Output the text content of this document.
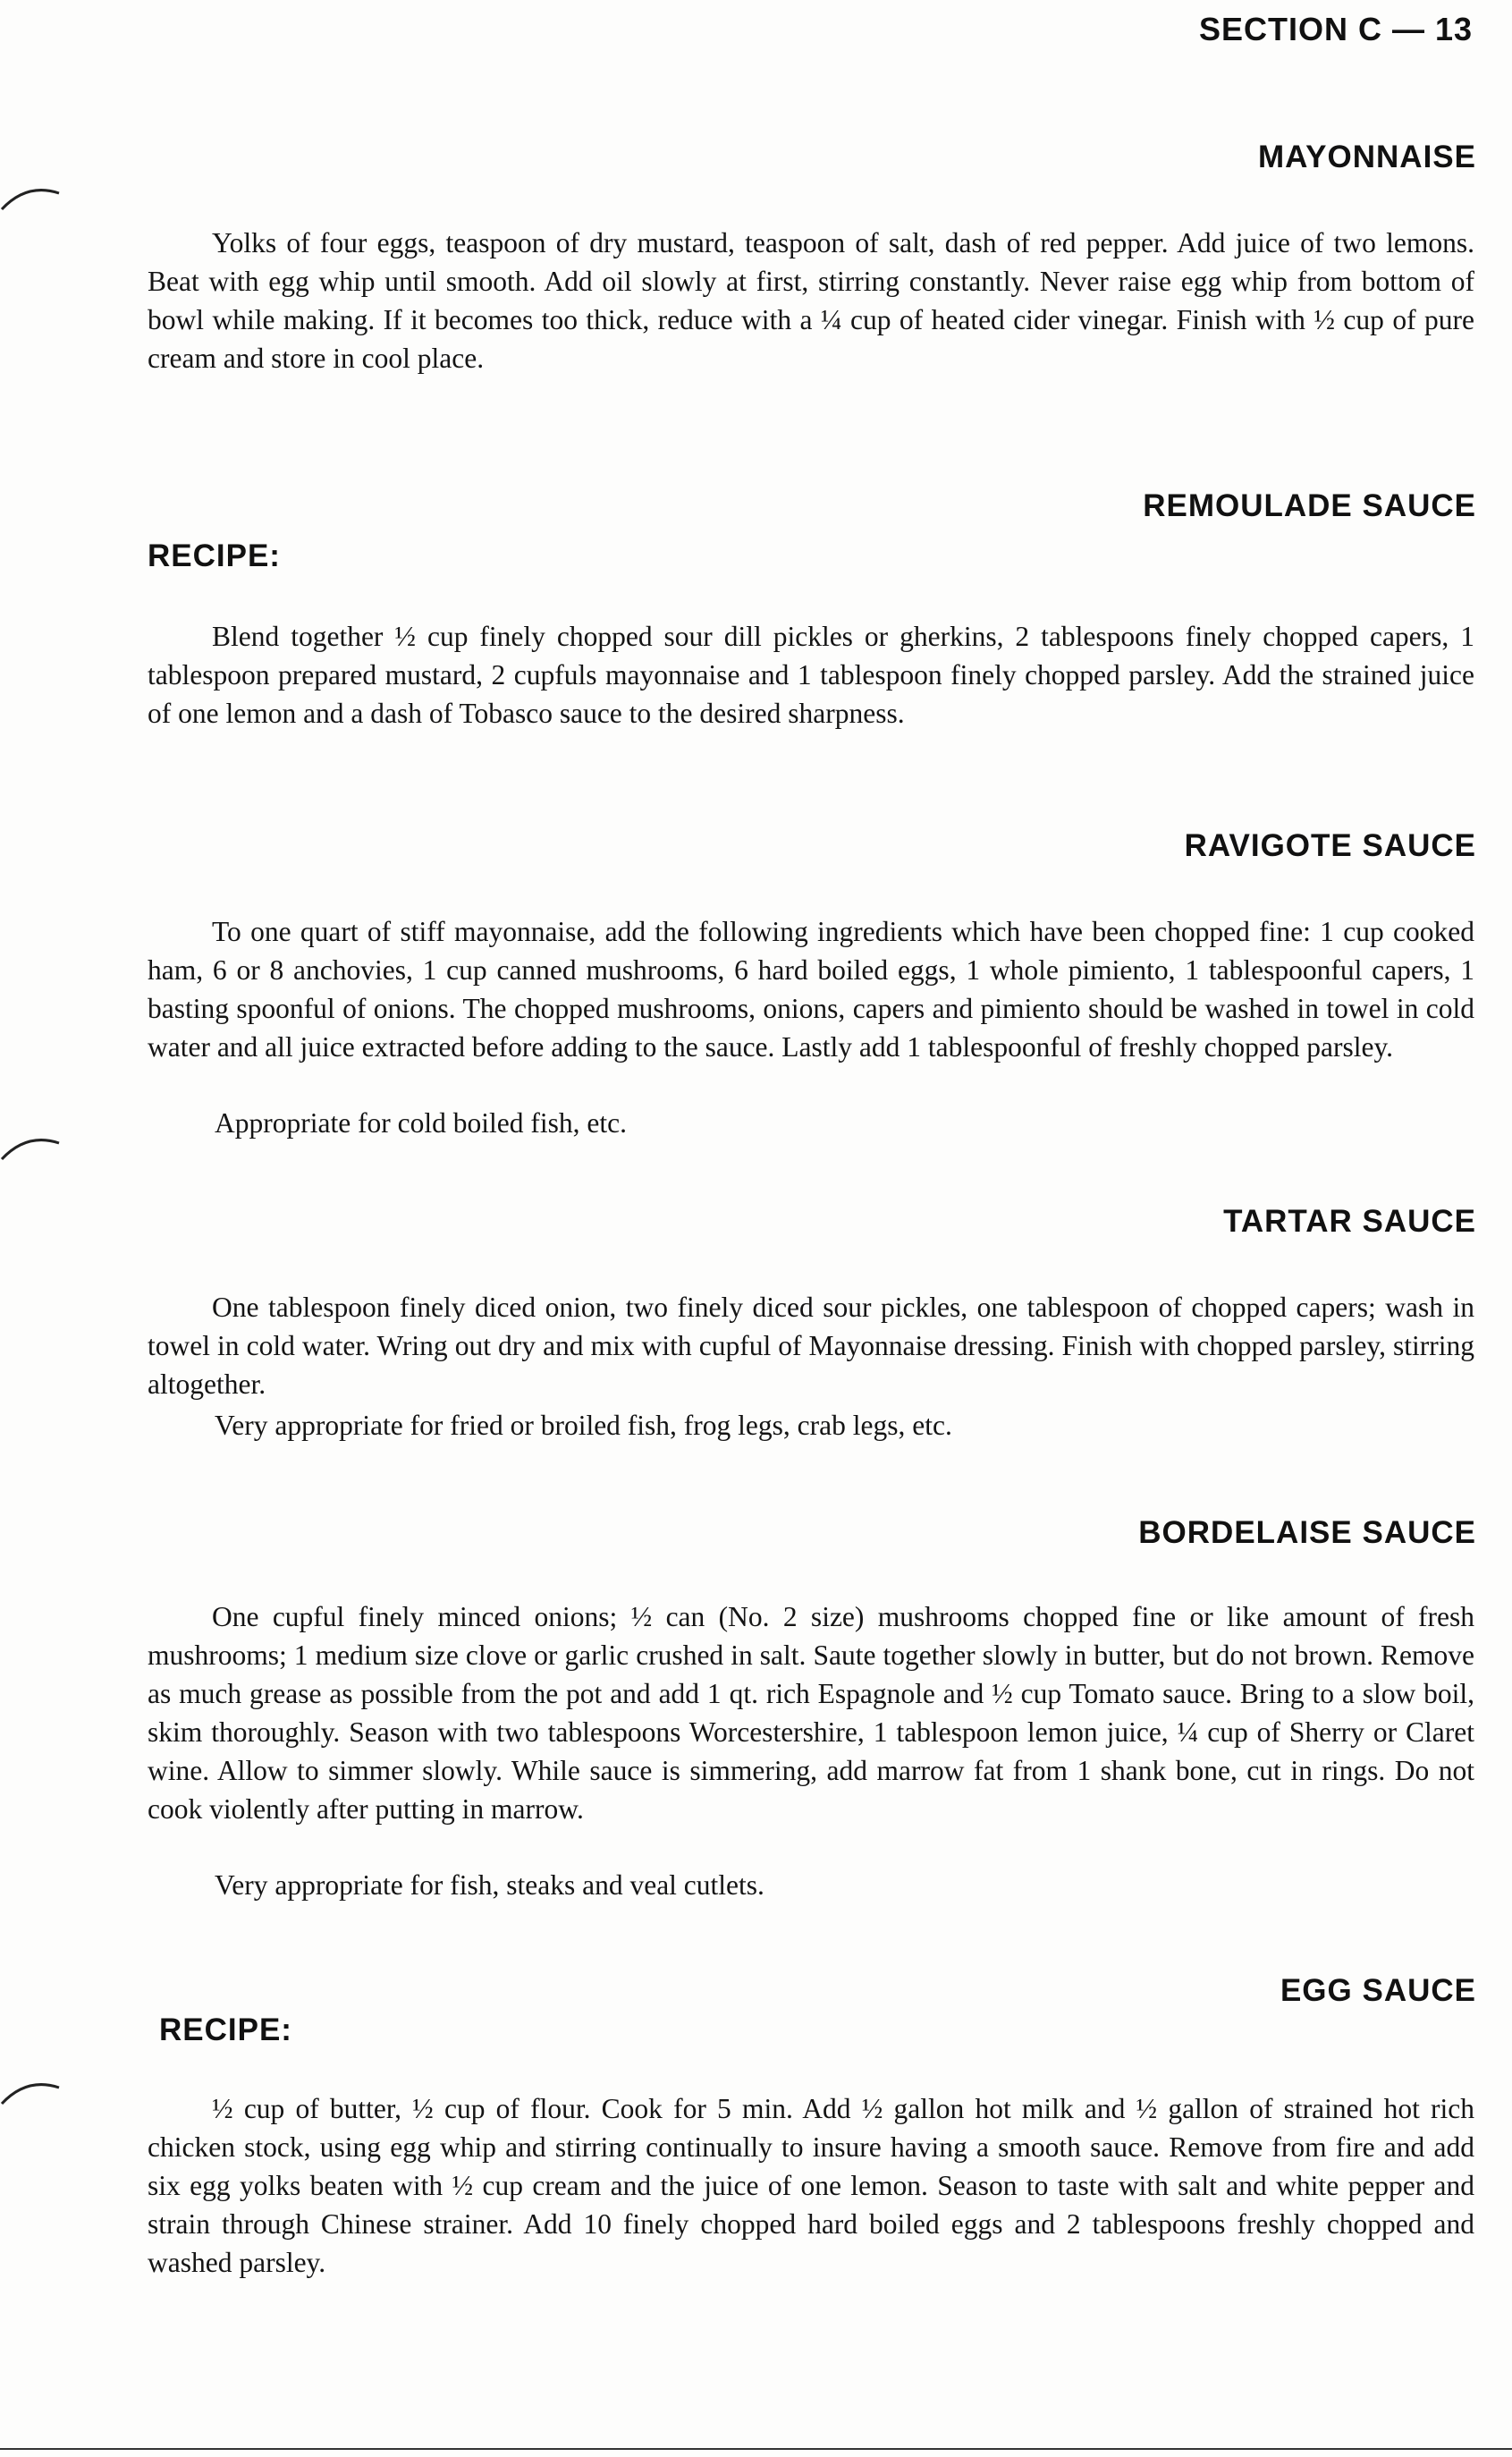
SECTION C — 13
MAYONNAISE

Yolks of four eggs, teaspoon of dry mustard, teaspoon of salt, dash of red pepper. Add juice of two lemons. Beat with egg whip until smooth. Add oil slowly at first, stirring constantly. Never raise egg whip from bottom of bowl while making. If it becomes too thick, reduce with a ¼ cup of heated cider vinegar. Finish with ½ cup of pure cream and store in cool place.

RECIPE:
REMOULADE SAUCE

Blend together ½ cup finely chopped sour dill pickles or gherkins, 2 tablespoons finely chopped capers, 1 tablespoon prepared mustard, 2 cupfuls mayonnaise and 1 tablespoon finely chopped parsley. Add the strained juice of one lemon and a dash of Tobasco sauce to the desired sharpness.

RAVIGOTE SAUCE

To one quart of stiff mayonnaise, add the following ingredients which have been chopped fine: 1 cup cooked ham, 6 or 8 anchovies, 1 cup canned mushrooms, 6 hard boiled eggs, 1 whole pimiento, 1 tablespoonful capers, 1 basting spoonful of onions. The chopped mushrooms, onions, capers and pimiento should be washed in towel in cold water and all juice extracted before adding to the sauce. Lastly add 1 tablespoonful of freshly chopped parsley.

Appropriate for cold boiled fish, etc.

TARTAR SAUCE

One tablespoon finely diced onion, two finely diced sour pickles, one tablespoon of chopped capers; wash in towel in cold water. Wring out dry and mix with cupful of Mayonnaise dressing. Finish with chopped parsley, stirring altogether.

Very appropriate for fried or broiled fish, frog legs, crab legs, etc.

BORDELAISE SAUCE

One cupful finely minced onions; ½ can (No. 2 size) mushrooms chopped fine or like amount of fresh mushrooms; 1 medium size clove or garlic crushed in salt. Saute together slowly in butter, but do not brown. Remove as much grease as possible from the pot and add 1 qt. rich Espagnole and ½ cup Tomato sauce. Bring to a slow boil, skim thoroughly. Season with two tablespoons Worcestershire, 1 tablespoon lemon juice, ¼ cup of Sherry or Claret wine. Allow to simmer slowly. While sauce is simmering, add marrow fat from 1 shank bone, cut in rings. Do not cook violently after putting in marrow.

Very appropriate for fish, steaks and veal cutlets.

EGG SAUCE
RECIPE:

½ cup of butter, ½ cup of flour. Cook for 5 min. Add ½ gallon hot milk and ½ gallon of strained hot rich chicken stock, using egg whip and stirring continually to insure having a smooth sauce. Remove from fire and add six egg yolks beaten with ½ cup cream and the juice of one lemon. Season to taste with salt and white pepper and strain through Chinese strainer. Add 10 finely chopped hard boiled eggs and 2 tablespoons freshly chopped and washed parsley.
